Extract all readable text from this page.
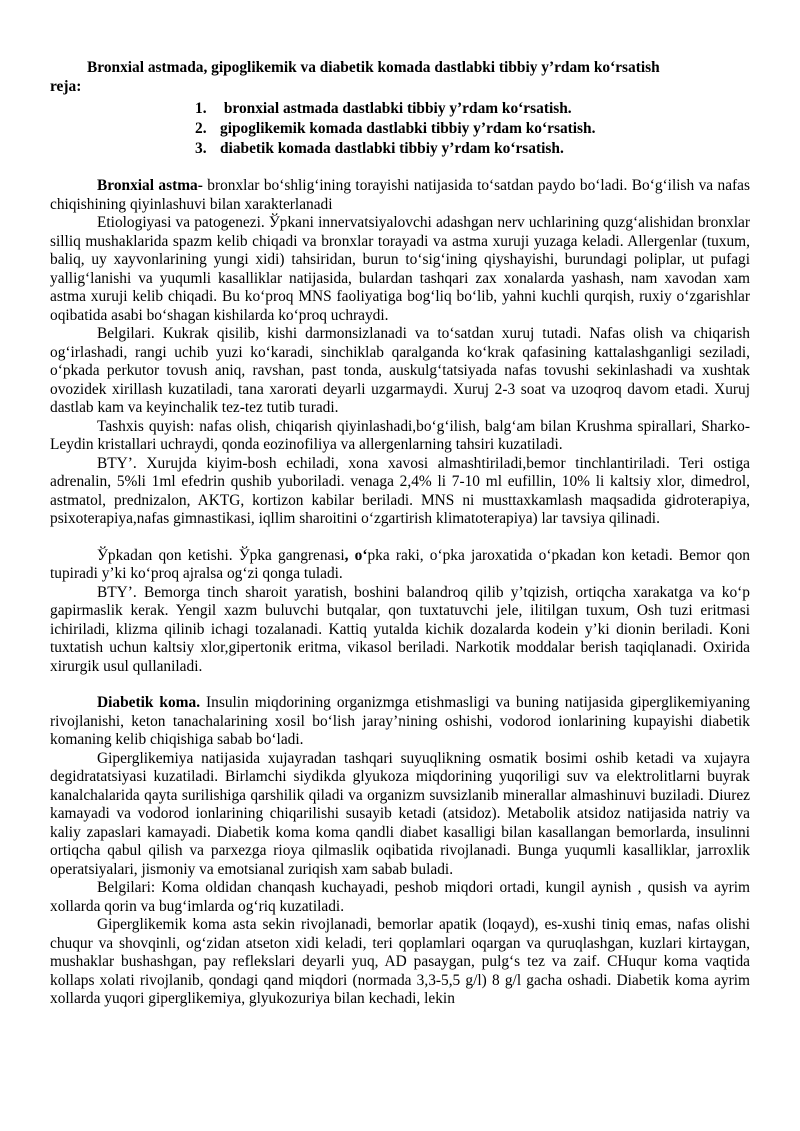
Bronxial astmada, gipoglikemik va diabetik komada dastlabki tibbiy y’rdam ko‘rsatish
reja:

1. bronxial astmada dastlabki tibbiy y’rdam ko‘rsatish.
2. gipoglikemik komada dastlabki tibbiy y’rdam ko‘rsatish.
3. diabetik komada dastlabki tibbiy y’rdam ko‘rsatish.

Bronxial astma- bronxlar bo‘shlig‘ining torayishi natijasida to‘satdan paydo bo‘ladi. Bo‘g‘ilish va nafas chiqishining qiyinlashuvi bilan xarakterlanadi

Etiologiyasi va patogenezi. Ўpkani innervatsiyalovchi adashgan nerv uchlarining quzg‘alishidan bronxlar silliq mushaklarida spazm kelib chiqadi va bronxlar torayadi va astma xuruji yuzaga keladi. Allergenlar (tuxum, baliq, uy xayvonlarining yungi xidi) tahsiridan, burun to‘sig‘ining qiyshayishi, burundagi poliplar, ut pufagi yallig‘lanishi va yuqumli kasalliklar natijasida, bulardan tashqari zax xonalarda yashash, nam xavodan xam astma xuruji kelib chiqadi. Bu ko‘proq MNS faoliyatiga bog‘liq bo‘lib, yahni kuchli qurqish, ruxiy o‘zgarishlar oqibatida asabi bo‘shagan kishilarda ko‘proq uchraydi.

Belgilari. Kukrak qisilib, kishi darmonsizlanadi va to‘satdan xuruj tutadi. Nafas olish va chiqarish og‘irlashadi, rangi uchib yuzi ko‘karadi, sinchiklab qaralganda ko‘krak qafasining kattalashganligi seziladi, o‘pkada perkutor tovush aniq, ravshan, past tonda, auskulg‘tatsiyada nafas tovushi sekinlashadi va xushtak ovozidek xirillash kuzatiladi, tana xarorati deyarli uzgarmaydi. Xuruj 2-3 soat va uzoqroq davom etadi. Xuruj dastlab kam va keyinchalik tez-tez tutib turadi.

Tashxis quyish: nafas olish, chiqarish qiyinlashadi,bo‘g‘ilish, balg‘am bilan Krushma spirallari, Sharko-Leydin kristallari uchraydi, qonda eozinofiliya va allergenlarning tahsiri kuzatiladi.

BTY’. Xurujda kiyim-bosh echiladi, xona xavosi almashtiriladi,bemor tinchlantiriladi. Teri ostiga adrenalin, 5%li 1ml efedrin qushib yuboriladi. venaga 2,4% li 7-10 ml eufillin, 10% li kaltsiy xlor, dimedrol, astmatol, prednizalon, AKTG, kortizon kabilar beriladi. MNS ni musttaxkamlash maqsadida gidroterapiya, psixoterapiya,nafas gimnastikasi, iqllim sharoitini o‘zgartirish klimatoterapiya) lar tavsiya qilinadi.

Ўpkadan qon ketishi. Ўpka gangrenasi, o‘pka raki, o‘pka jaroxatida o‘pkadan kon ketadi. Bemor qon tupiradi y’ki ko‘proq ajralsa og‘zi qonga tuladi.

BTY’. Bemorga tinch sharoit yaratish, boshini balandroq qilib y’tqizish, ortiqcha xarakatga va ko‘p gapirmaslik kerak. Yengil xazm buluvchi butqalar, qon tuxtatuvchi jele, ilitilgan tuxum, Osh tuzi eritmasi ichiriladi, klizma qilinib ichagi tozalanadi. Kattiq yutalda kichik dozalarda kodein y’ki dionin beriladi. Koni tuxtatish uchun kaltsiy xlor,gipertonik eritma, vikasol beriladi. Narkotik moddalar berish taqiqlanadi. Oxirida xirurgik usul qullaniladi.

Diabetik koma. Insulin miqdorining organizmga etishmasligi va buning natijasida giperglikemiyaning rivojlanishi, keton tanachalarining xosil bo‘lish jaray’nining oshishi, vodorod ionlarining kupayishi diabetik komaning kelib chiqishiga sabab bo‘ladi.

Giperglikemiya natijasida xujayradan tashqari suyuqlikning osmatik bosimi oshib ketadi va xujayra degidratatsiyasi kuzatiladi. Birlamchi siydikda glyukoza miqdorining yuqoriligi suv va elektrolitlarni buyrak kanalchalarida qayta surilishiga qarshilik qiladi va organizm suvsizlanib minerallar almashinuvi buziladi. Diurez kamayadi va vodorod ionlarining chiqarilishi susayib ketadi (atsidoz). Metabolik atsidoz natijasida natriy va kaliy zapaslari kamayadi. Diabetik koma koma qandli diabet kasalligi bilan kasallangan bemorlarda, insulinni ortiqcha qabul qilish va parxezga rioya qilmaslik oqibatida rivojlanadi. Bunga yuqumli kasalliklar, jarroxlik operatsiyalari, jismoniy va emotsianal zuriqish xam sabab buladi.

Belgilari: Koma oldidan chanqash kuchayadi, peshob miqdori ortadi, kungil aynish , qusish va ayrim xollarda qorin va bug‘imlarda og‘riq kuzatiladi.

Giperglikemik koma asta sekin rivojlanadi, bemorlar apatik (loqayd), es-xushi tiniq emas, nafas olishi chuqur va shovqinli, og‘zidan atseton xidi keladi, teri qoplamlari oqargan va quruqlashgan, kuzlari kirtaygan, mushaklar bushashgan, pay reflekslari deyarli yuq, AD pasaygan, pulg‘s tez va zaif. CHuqur koma vaqtida kollaps xolati rivojlanib, qondagi qand miqdori (normada 3,3-5,5 g/l) 8 g/l gacha oshadi. Diabetik koma ayrim xollarda yuqori giperglikemiya, glyukozuriya bilan kechadi, lekin
